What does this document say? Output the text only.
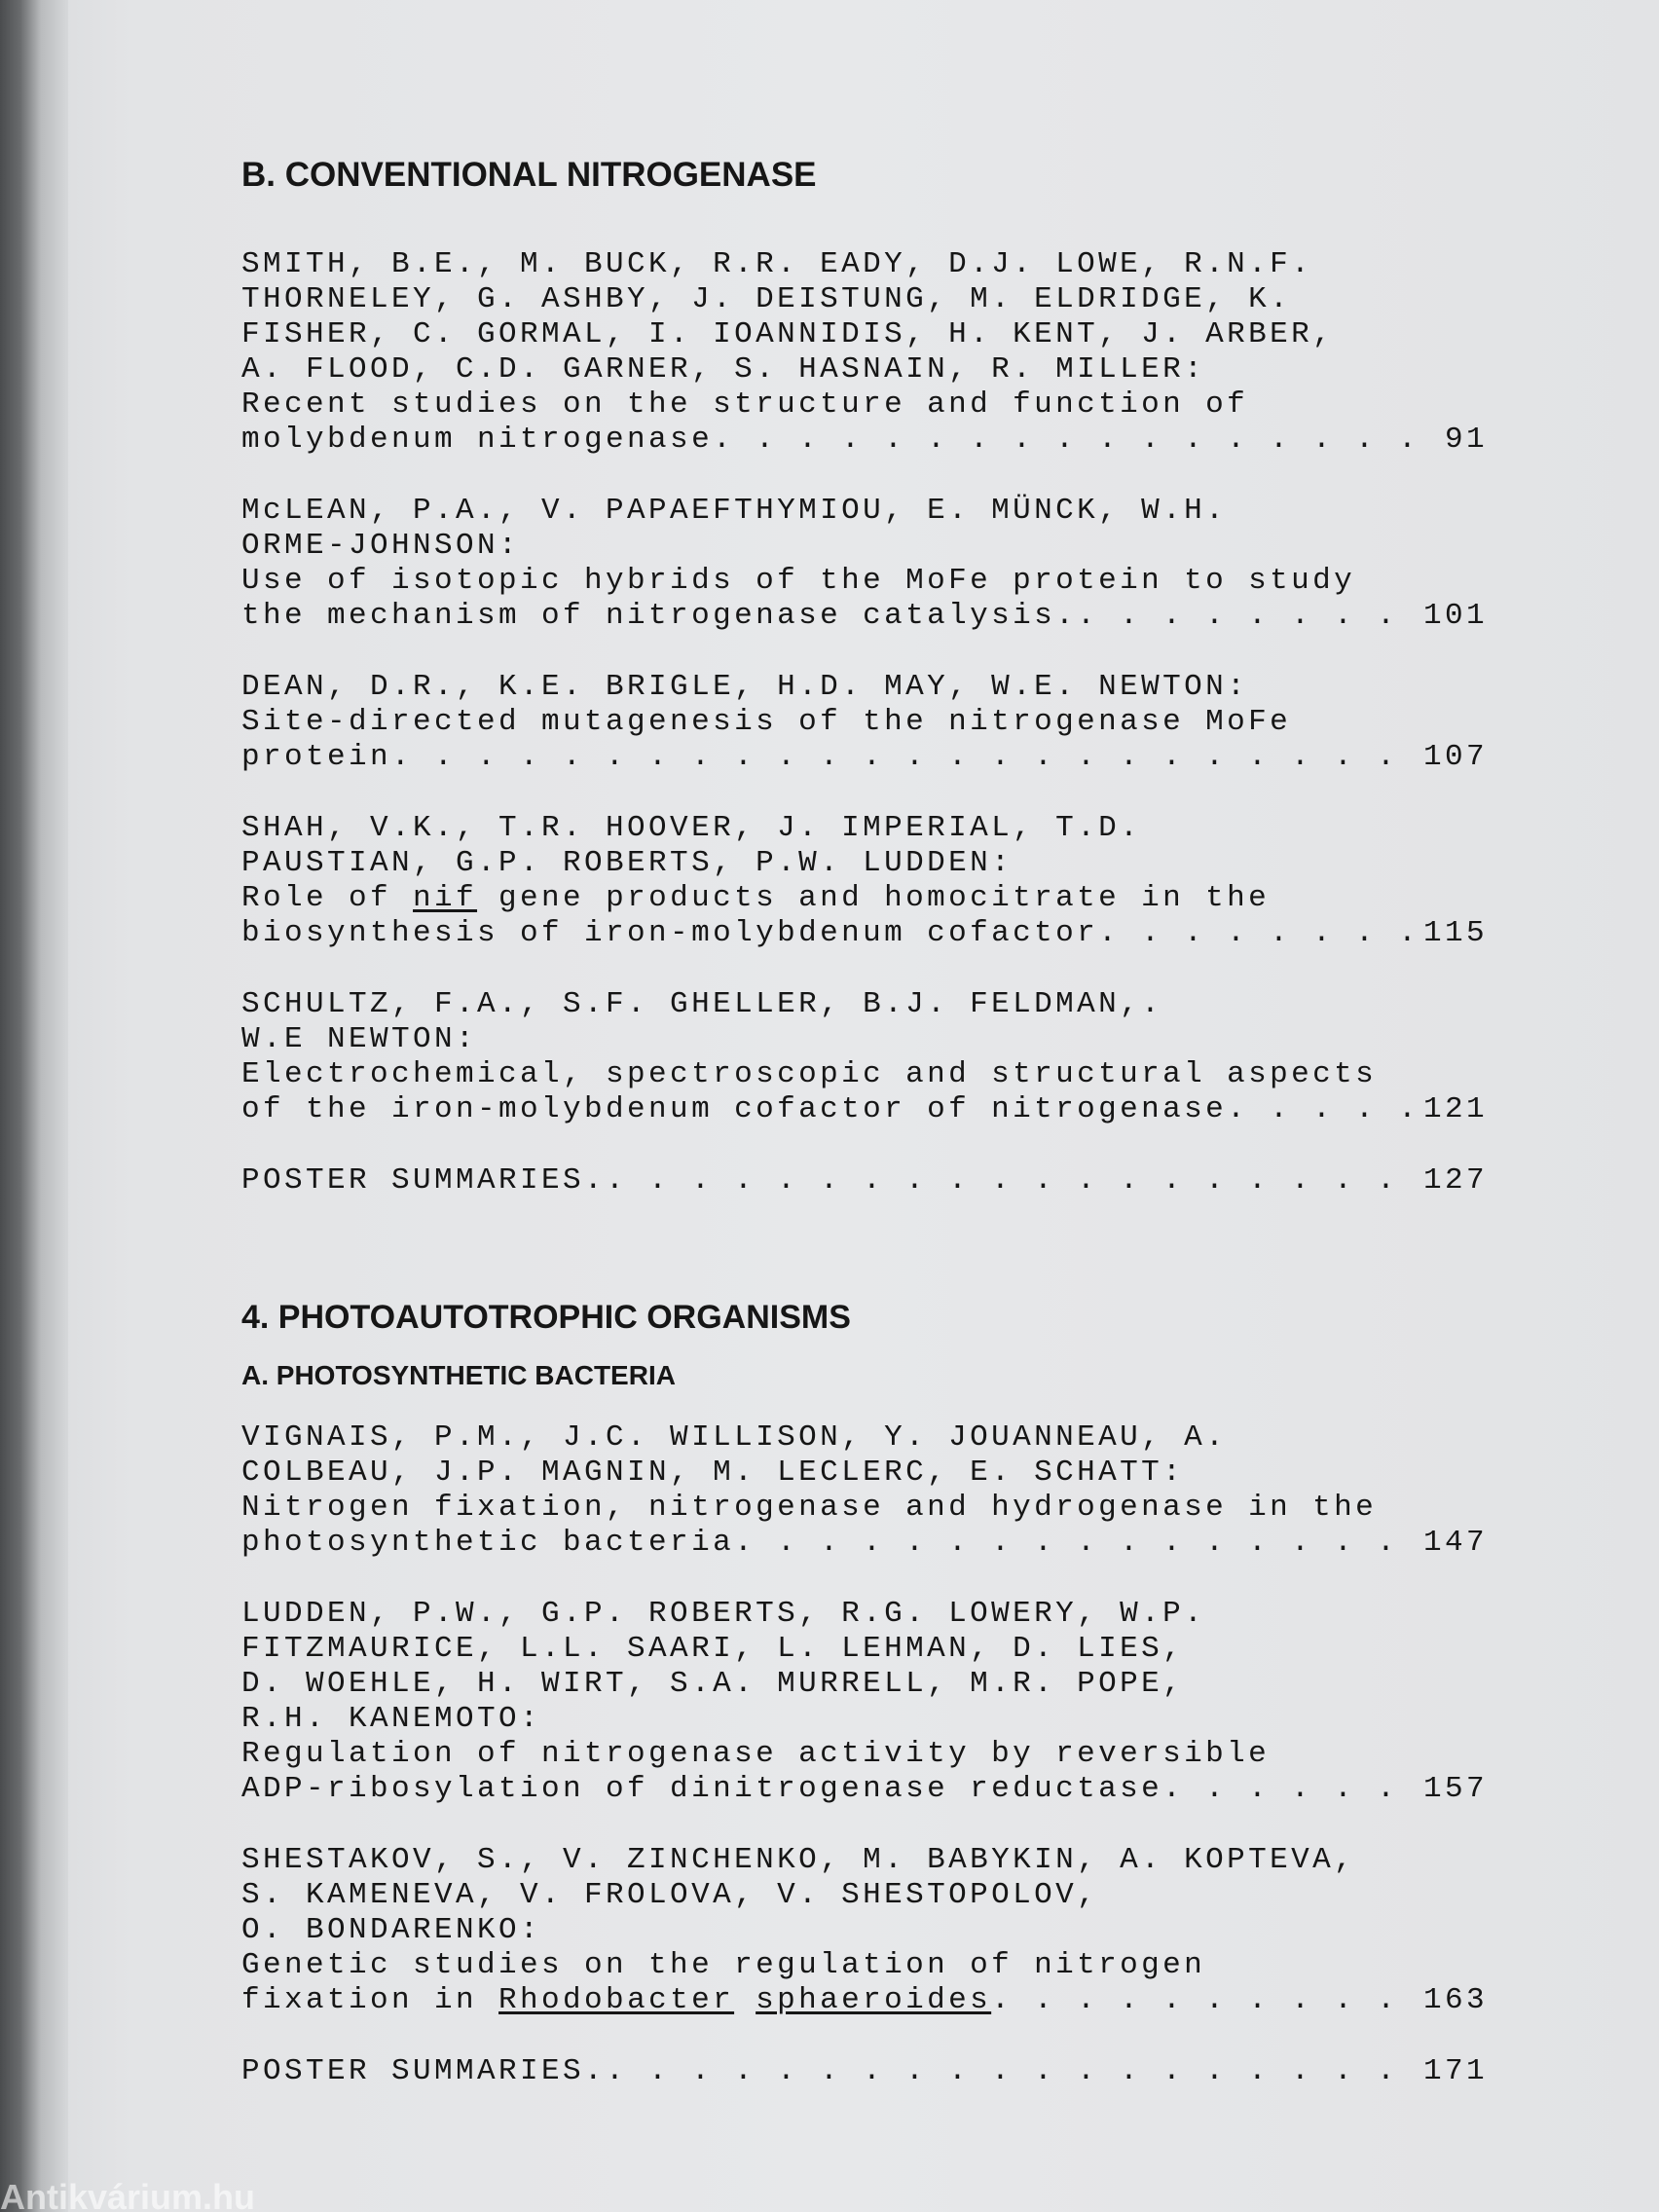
B. CONVENTIONAL NITROGENASE
SMITH, B.E., M. BUCK, R.R. EADY, D.J. LOWE, R.N.F.
THORNELEY, G. ASHBY, J. DEISTUNG, M. ELDRIDGE, K.
FISHER, C. GORMAL, I. IOANNIDIS, H. KENT, J. ARBER,
A. FLOOD, C.D. GARNER, S. HASNAIN, R. MILLER:
Recent studies on the structure and function of
molybdenum nitrogenase . . .	91
McLEAN, P.A., V. PAPAEFTHYMIOU, E. MÜNCK, W.H.
ORME-JOHNSON:
Use of isotopic hybrids of the MoFe protein to study
the mechanism of nitrogenase catalysis. . . .	101
DEAN, D.R., K.E. BRIGLE, H.D. MAY, W.E. NEWTON:
Site-directed mutagenesis of the nitrogenase MoFe
protein . . .	107
SHAH, V.K., T.R. HOOVER, J. IMPERIAL, T.D.
PAUSTIAN, G.P. ROBERTS, P.W. LUDDEN:
Role of nif gene products and homocitrate in the
biosynthesis of iron-molybdenum cofactor . . .	115
SCHULTZ, F.A., S.F. GHELLER, B.J. FELDMAN,.
W.E NEWTON:
Electrochemical, spectroscopic and structural aspects
of the iron-molybdenum cofactor of nitrogenase . . .	121
POSTER SUMMARIES. . . .	127
4. PHOTOAUTOTROPHIC ORGANISMS
A. PHOTOSYNTHETIC BACTERIA
VIGNAIS, P.M., J.C. WILLISON, Y. JOUANNEAU, A.
COLBEAU, J.P. MAGNIN, M. LECLERC, E. SCHATT:
Nitrogen fixation, nitrogenase and hydrogenase in the
photosynthetic bacteria . . .	147
LUDDEN, P.W., G.P. ROBERTS, R.G. LOWERY, W.P.
FITZMAURICE, L.L. SAARI, L. LEHMAN, D. LIES,
D. WOEHLE, H. WIRT, S.A. MURRELL, M.R. POPE,
R.H. KANEMOTO:
Regulation of nitrogenase activity by reversible
ADP-ribosylation of dinitrogenase reductase . . .	157
SHESTAKOV, S., V. ZINCHENKO, M. BABYKIN, A. KOPTEVA,
S. KAMENEVA, V. FROLOVA, V. SHESTOPOLOV,
O. BONDARENKO:
Genetic studies on the regulation of nitrogen
fixation in Rhodobacter
sphaeroides . . .	163
POSTER SUMMARIES. . . .	171
Antikvárium.hu
